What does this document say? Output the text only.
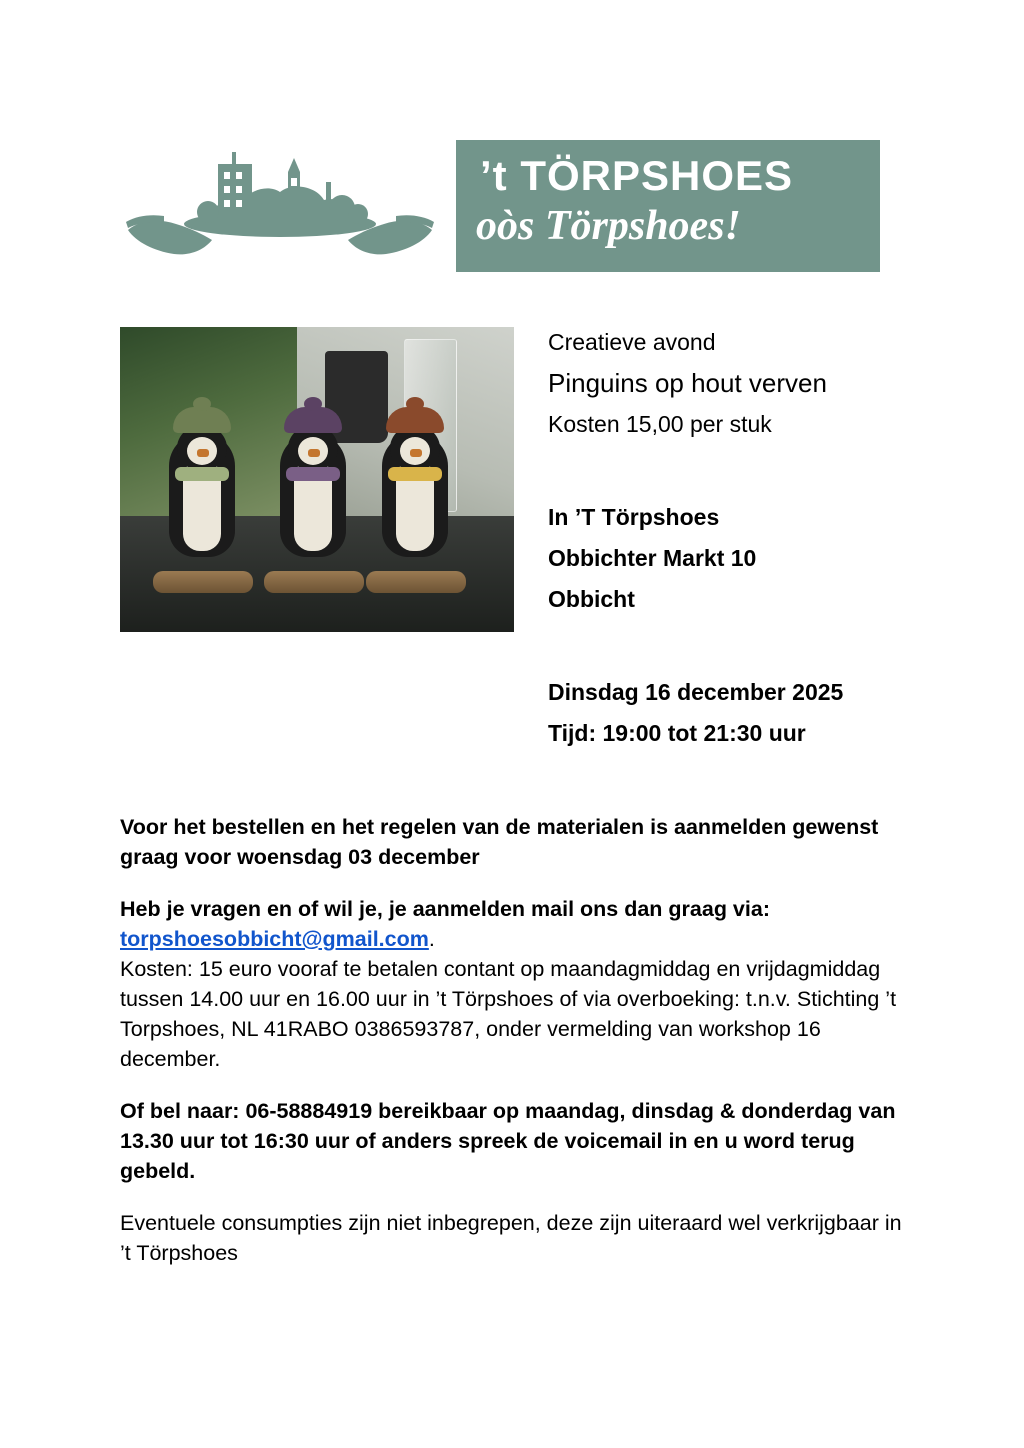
’t TÖRPSHOES
oòs Törpshoes!
Creatieve avond
Pinguins op hout verven
Kosten 15,00 per stuk
In ’T Törpshoes
Obbichter Markt 10
Obbicht
Dinsdag 16 december 2025
Tijd: 19:00 tot 21:30 uur

Voor het bestellen en het regelen van de materialen is aanmelden gewenst graag voor woensdag 03 december

Heb je vragen en of wil je, je aanmelden mail ons dan graag via:

torpshoesobbicht@gmail.com.

Kosten: 15 euro vooraf te betalen contant op maandagmiddag en vrijdagmiddag tussen 14.00 uur en 16.00 uur in ’t Törpshoes of via overboeking: t.n.v. Stichting ’t Torpshoes, NL 41RABO 0386593787, onder vermelding van workshop 16 december.

Of bel naar: 06-58884919 bereikbaar op maandag, dinsdag & donderdag van 13.30 uur tot 16:30 uur of anders spreek de voicemail in en u word terug gebeld.

Eventuele consumpties zijn niet inbegrepen, deze zijn uiteraard wel verkrijgbaar in ’t Törpshoes
